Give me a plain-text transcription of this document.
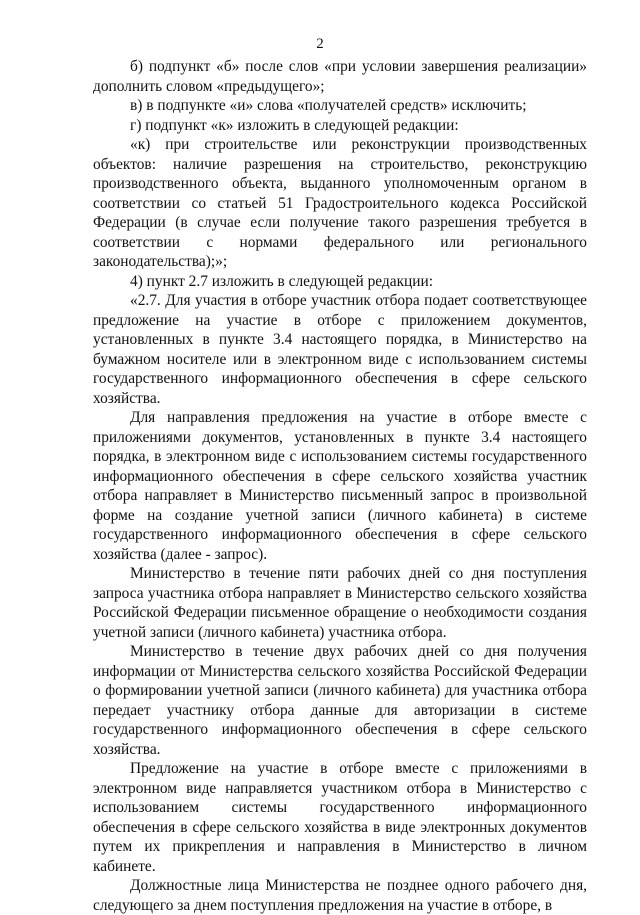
2

б) подпункт «б» после слов «при условии завершения реализации» дополнить словом «предыдущего»;

в) в подпункте «и» слова «получателей средств» исключить;

г) подпункт «к» изложить в следующей редакции:

«к) при строительстве или реконструкции производственных объектов: наличие разрешения на строительство, реконструкцию производственного объекта, выданного уполномоченным органом в соответствии со статьей 51 Градостроительного кодекса Российской Федерации (в случае если получение такого разрешения требуется в соответствии с нормами федерального или регионального законодательства);»;

4) пункт 2.7 изложить в следующей редакции:

«2.7. Для участия в отборе участник отбора подает соответствующее предложение на участие в отборе с приложением документов, установленных в пункте 3.4 настоящего порядка, в Министерство на бумажном носителе или в электронном виде с использованием системы государственного информационного обеспечения в сфере сельского хозяйства.

Для направления предложения на участие в отборе вместе с приложениями документов, установленных в пункте 3.4 настоящего порядка, в электронном виде с использованием системы государственного информационного обеспечения в сфере сельского хозяйства участник отбора направляет в Министерство письменный запрос в произвольной форме на создание учетной записи (личного кабинета) в системе государственного информационного обеспечения в сфере сельского хозяйства (далее - запрос).

Министерство в течение пяти рабочих дней со дня поступления запроса участника отбора направляет в Министерство сельского хозяйства Российской Федерации письменное обращение о необходимости создания учетной записи (личного кабинета) участника отбора.

Министерство в течение двух рабочих дней со дня получения информации от Министерства сельского хозяйства Российской Федерации о формировании учетной записи (личного кабинета) для участника отбора передает участнику отбора данные для авторизации в системе государственного информационного обеспечения в сфере сельского хозяйства.

Предложение на участие в отборе вместе с приложениями в электронном виде направляется участником отбора в Министерство с использованием системы государственного информационного обеспечения в сфере сельского хозяйства в виде электронных документов путем их прикрепления и направления в Министерство в личном кабинете.

Должностные лица Министерства не позднее одного рабочего дня, следующего за днем поступления предложения на участие в отборе, в
